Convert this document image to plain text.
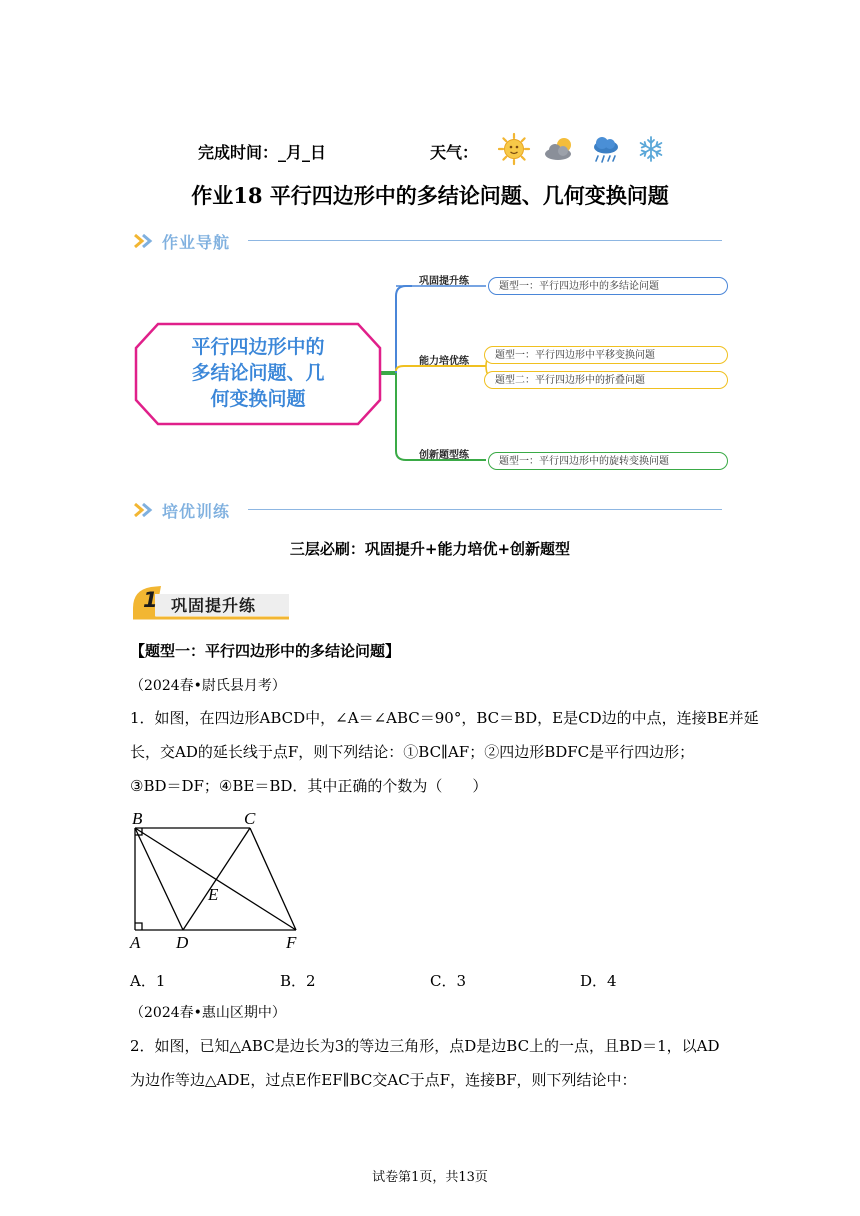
完成时间：_月_日	天气：
作业18 平行四边形中的多结论问题、几何变换问题
作业导航
平行四边形中的
多结论问题、几
何变换问题
巩固提升练	题型一：平行四边形中的多结论问题
能力培优练
题型一：平行四边形中平移变换问题
题型二：平行四边形中的折叠问题
创新题型练
题型一：平行四边形中的旋转变换问题
培优训练
三层必刷：巩固提升+能力培优+创新题型
1 巩固提升练
【题型一：平行四边形中的多结论问题】
（2024春•尉氏县月考）
1．如图，在四边形ABCD中，∠A＝∠ABC＝90°，BC＝BD，E是CD边的中点，连接BE并延
长，交AD的延长线于点F，则下列结论：①BC∥AF；②四边形BDFC是平行四边形；
③BD＝DF；④BE＝BD．其中正确的个数为（　　）
B	C
E
A D	F
A．1	B．2	C．3	D．4
（2024春•惠山区期中）
2．如图，已知△ABC是边长为3的等边三角形，点D是边BC上的一点，且BD＝1，以AD
为边作等边△ADE，过点E作EF∥BC交AC于点F，连接BF，则下列结论中：
试卷第1页，共13页
